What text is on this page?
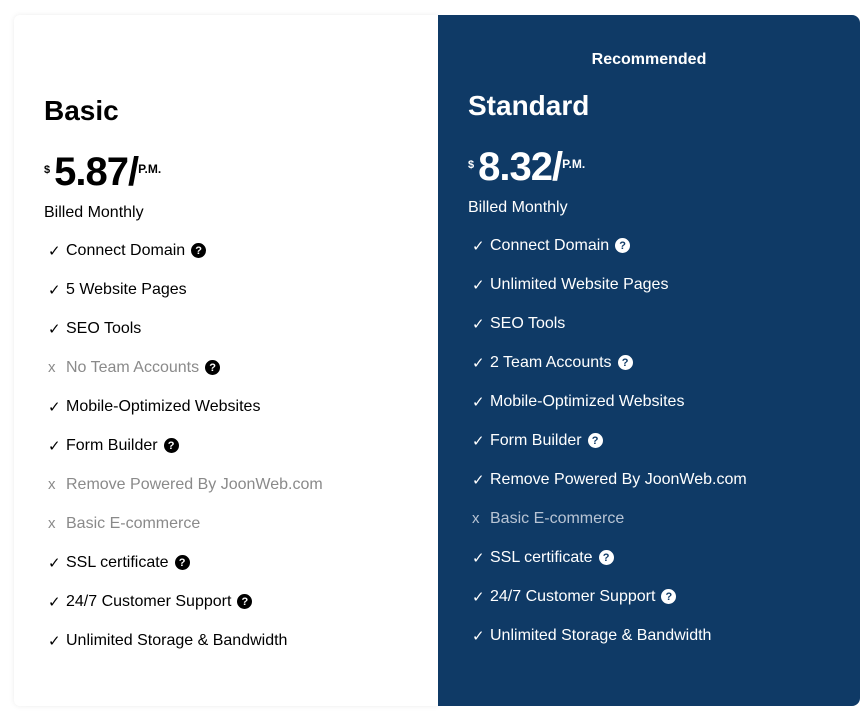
Basic
$ 5.87/ P.M.
Billed Monthly
✓ Connect Domain ?
✓ 5 Website Pages
✓ SEO Tools
x No Team Accounts ?
✓ Mobile-Optimized Websites
✓ Form Builder ?
x Remove Powered By JoonWeb.com
x Basic E-commerce
✓ SSL certificate ?
✓ 24/7 Customer Support ?
✓ Unlimited Storage & Bandwidth
Recommended
Standard
$ 8.32/ P.M.
Billed Monthly
✓ Connect Domain ?
✓ Unlimited Website Pages
✓ SEO Tools
✓ 2 Team Accounts ?
✓ Mobile-Optimized Websites
✓ Form Builder ?
✓ Remove Powered By JoonWeb.com
x Basic E-commerce
✓ SSL certificate ?
✓ 24/7 Customer Support ?
✓ Unlimited Storage & Bandwidth
